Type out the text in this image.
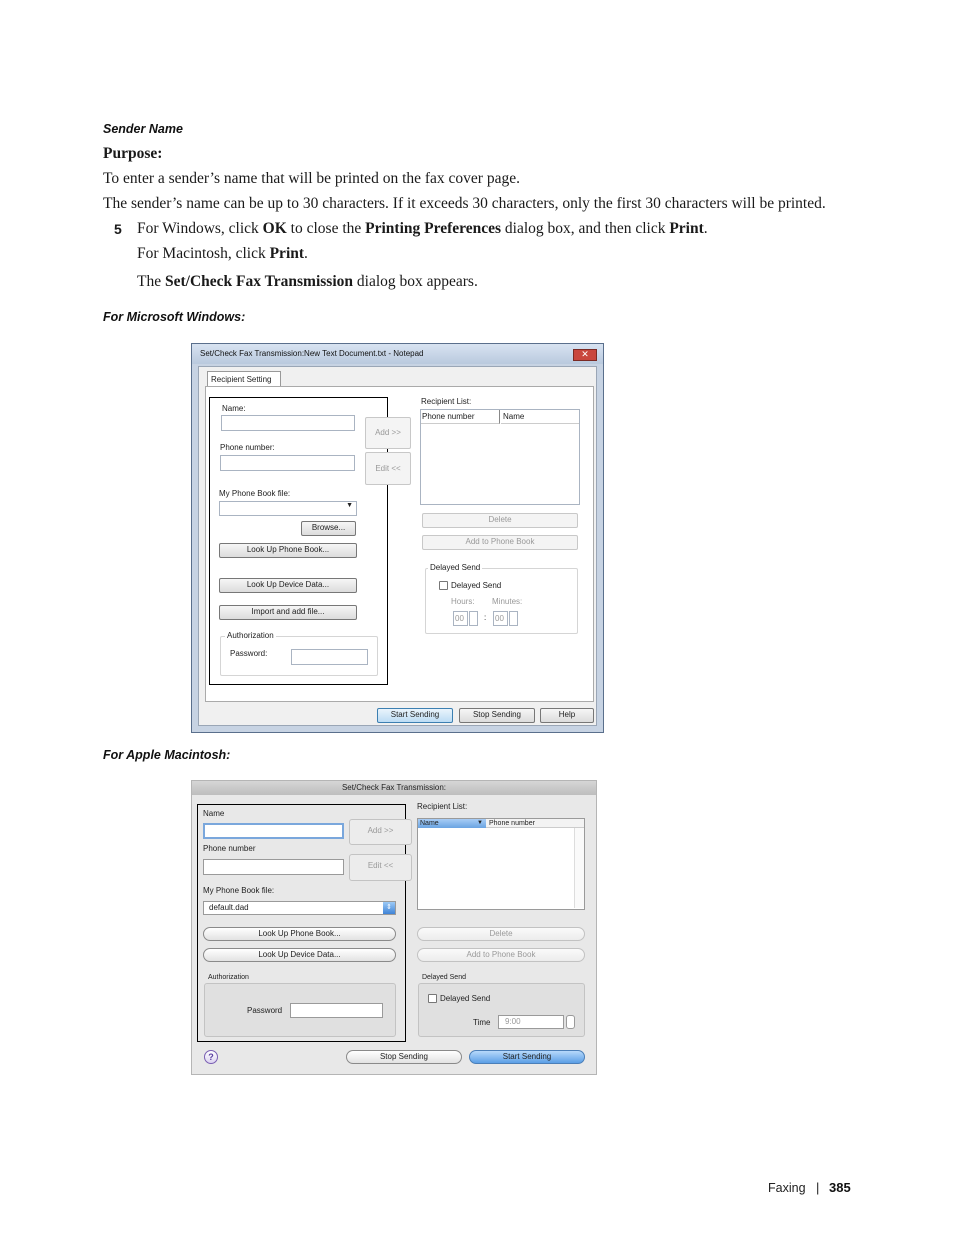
Sender Name
Purpose:
To enter a sender’s name that will be printed on the fax cover page.
The sender’s name can be up to 30 characters. If it exceeds 30 characters, only the first 30 characters will be printed.
5 For Windows, click OK to close the Printing Preferences dialog box, and then click Print.
For Macintosh, click Print.
The Set/Check Fax Transmission dialog box appears.
For Microsoft Windows:
Set/Check Fax Transmission:New Text Document.txt - Notepad	✕
Recipient Setting
Name:
Phone number:
My Phone Book file:
▼
Browse...
Look Up Phone Book...
Look Up Device Data...
Import and add file...
Authorization
Password:
Add >>
Edit <<
Recipient List:
Phone number	Name
Delete
Add to Phone Book
Delayed Send
Delayed Send
Hours: Minutes:
00	: 00
Start Sending	Stop Sending	Help
For Apple Macintosh:
Set/Check Fax Transmission:
Name
Phone number
My Phone Book file:
default.dad	⇕
Look Up Phone Book...
Look Up Device Data...
Authorization
Password
Add >>
Edit <<
Recipient List:
Name	▼ Phone number
Delete
Add to Phone Book
Delayed Send
Delayed Send
Time	9:00
?	Stop Sending	Start Sending
Faxing | 385
